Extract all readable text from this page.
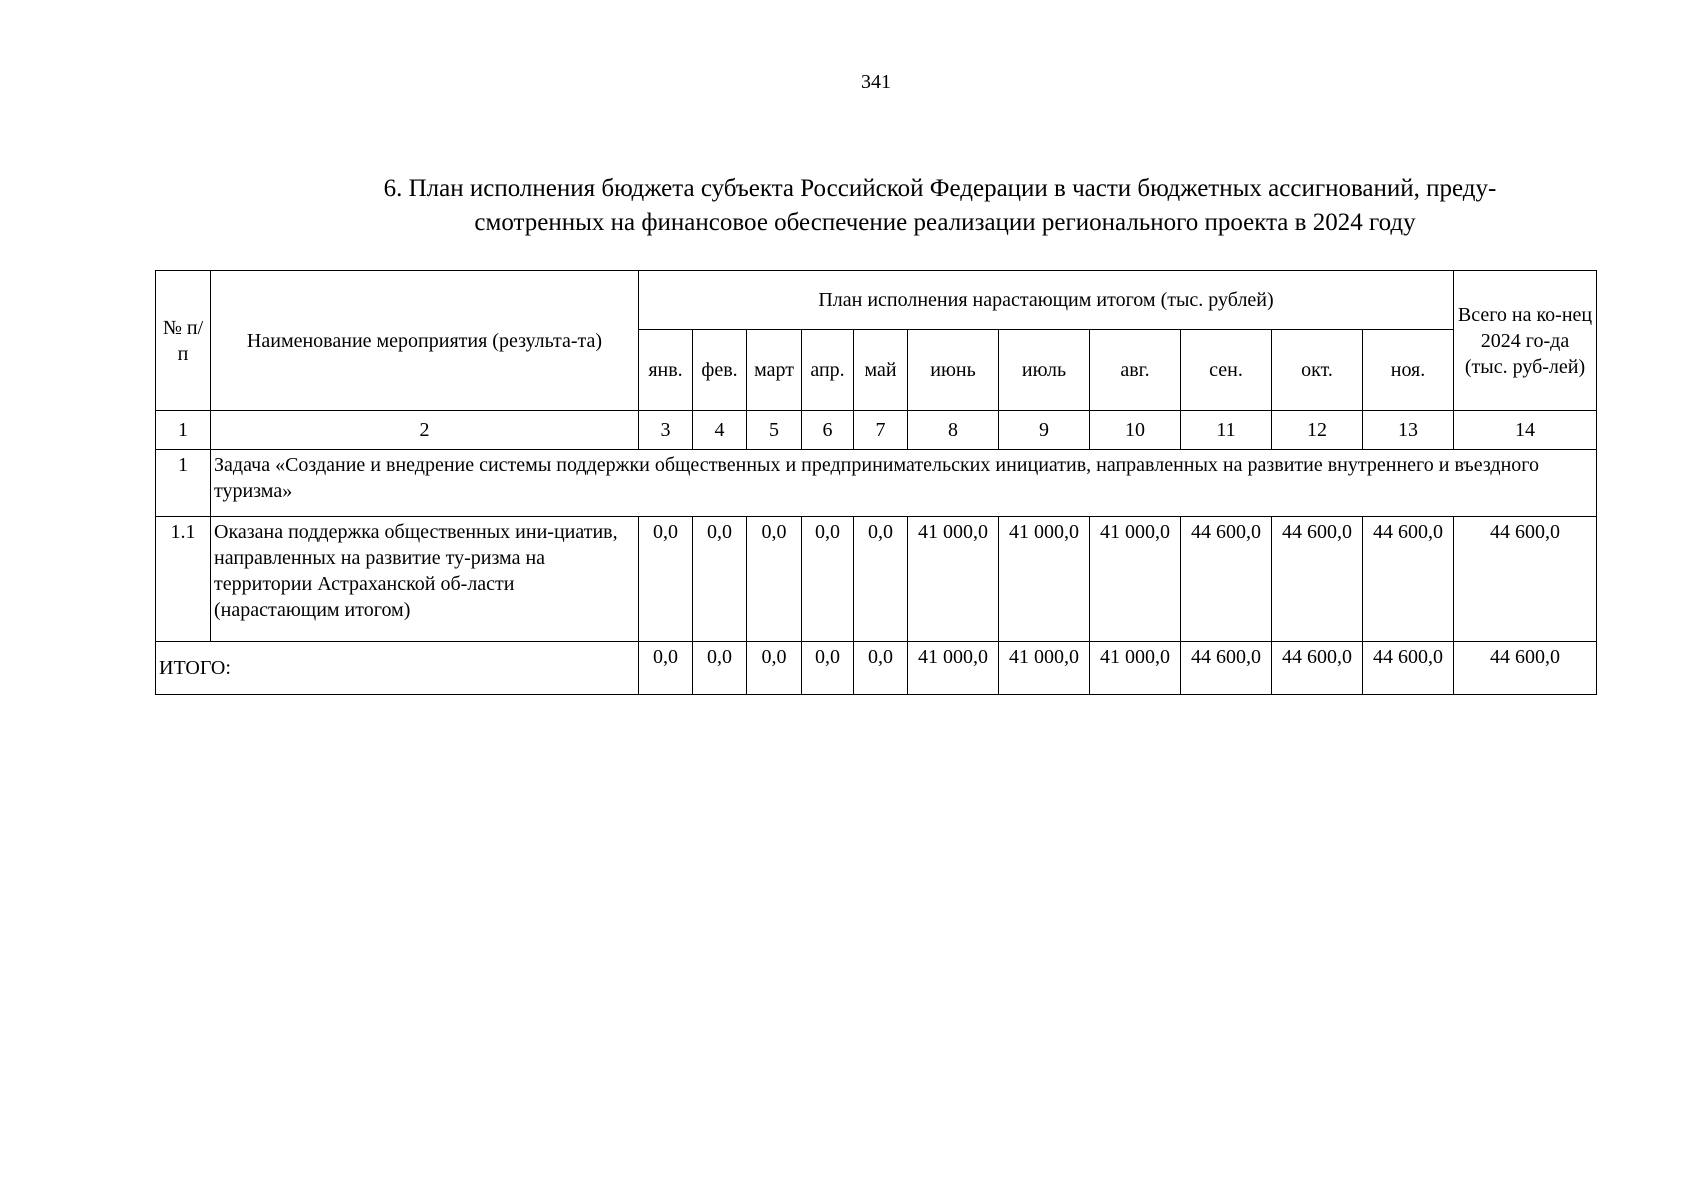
341
6. План исполнения бюджета субъекта Российской Федерации в части бюджетных ассигнований, преду-
смотренных на финансовое обеспечение реализации регионального проекта в 2024 году
№ п/п	Наименование мероприятия (результа-та)	План исполнения нарастающим итогом (тыс. рублей)											Всего на ко-нец 2024 го-да (тыс. руб-лей)
		янв.	фев.	март	апр.	май	июнь	июль	авг.	сен.	окт.	ноя.	
1	2	3	4	5	6	7	8	9	10	11	12	13	14
1	Задача «Создание и внедрение системы поддержки общественных и предпринимательских инициатив, направленных на развитие внутреннего и въездного туризма»												
1.1	Оказана поддержка общественных ини-циатив, направленных на развитие ту-ризма на территории Астраханской об-ласти (нарастающим итогом)	0,0	0,0	0,0	0,0	0,0	41 000,0	41 000,0	41 000,0	44 600,0	44 600,0	44 600,0	44 600,0
ИТОГО:		0,0	0,0	0,0	0,0	0,0	41 000,0	41 000,0	41 000,0	44 600,0	44 600,0	44 600,0	44 600,0
